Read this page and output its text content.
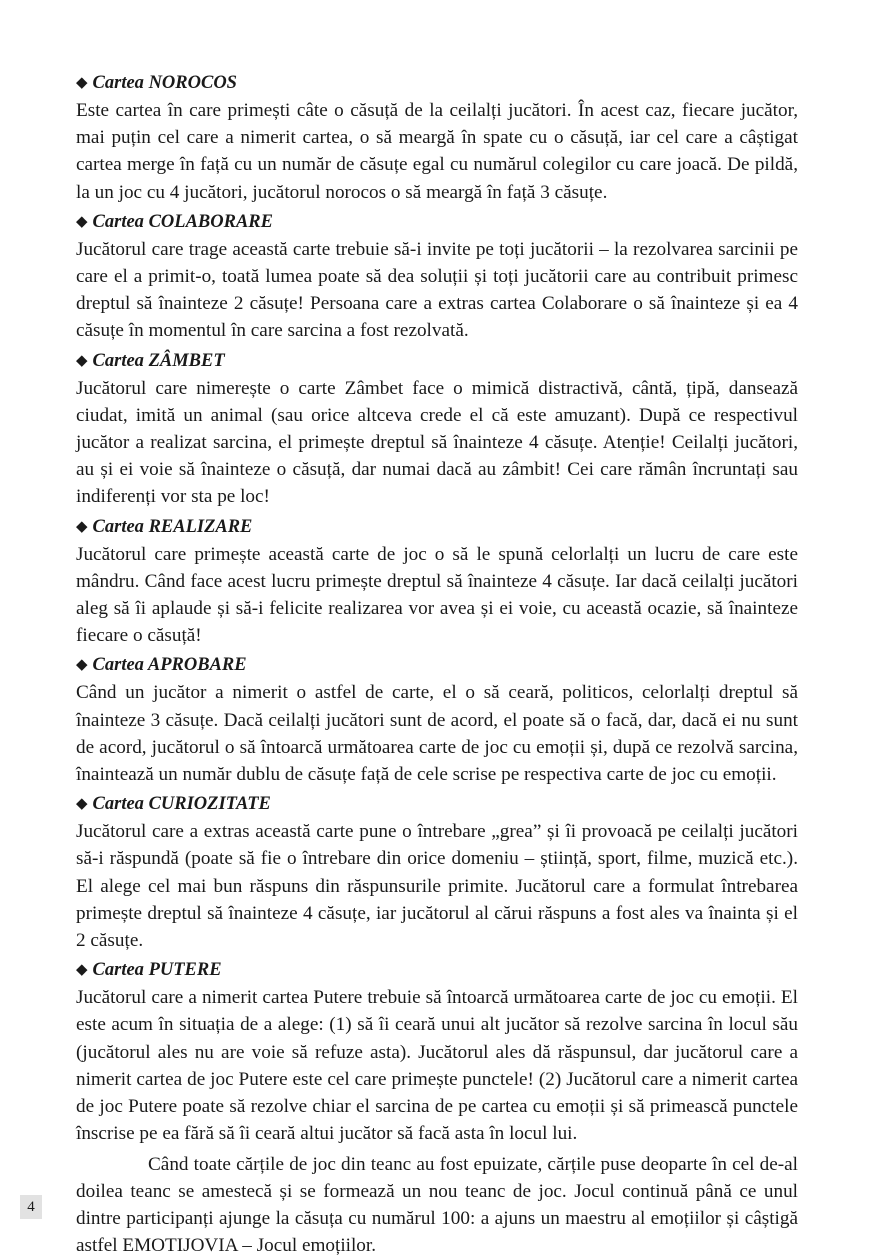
◆ Cartea NOROCOS

Este cartea în care primești câte o căsuță de la ceilalți jucători. În acest caz, fiecare jucător, mai puțin cel care a nimerit cartea, o să meargă în spate cu o căsuță, iar cel care a câștigat cartea merge în față cu un număr de căsuțe egal cu numărul colegilor cu care joacă. De pildă, la un joc cu 4 jucători, jucătorul norocos o să meargă în față 3 căsuțe.

◆ Cartea COLABORARE

Jucătorul care trage această carte trebuie să-i invite pe toți jucătorii – la rezolvarea sarcinii pe care el a primit-o, toată lumea poate să dea soluții și toți jucătorii care au contribuit primesc dreptul să înainteze 2 căsuțe! Persoana care a extras cartea Colaborare o să înainteze și ea 4 căsuțe în momentul în care sarcina a fost rezolvată.

◆ Cartea ZÂMBET

Jucătorul care nimerește o carte Zâmbet face o mimică distractivă, cântă, țipă, dansează ciudat, imită un animal (sau orice altceva crede el că este amuzant). După ce respectivul jucător a realizat sarcina, el primește dreptul să înainteze 4 căsuțe. Atenție! Ceilalți jucători, au și ei voie să înainteze o căsuță, dar numai dacă au zâmbit! Cei care rămân încruntați sau indiferenți vor sta pe loc!

◆ Cartea REALIZARE

Jucătorul care primește această carte de joc o să le spună celorlalți un lucru de care este mândru. Când face acest lucru primește dreptul să înainteze 4 căsuțe. Iar dacă ceilalți jucători aleg să îi aplaude și să-i felicite realizarea vor avea și ei voie, cu această ocazie, să înainteze fiecare o căsuță!

◆ Cartea APROBARE

Când un jucător a nimerit o astfel de carte, el o să ceară, politicos, celorlalți dreptul să înainteze 3 căsuțe. Dacă ceilalți jucători sunt de acord, el poate să o facă, dar, dacă ei nu sunt de acord, jucătorul o să întoarcă următoarea carte de joc cu emoții și, după ce rezolvă sarcina, înaintează un număr dublu de căsuțe față de cele scrise pe respectiva carte de joc cu emoții.

◆ Cartea CURIOZITATE

Jucătorul care a extras această carte pune o întrebare „grea” și îi provoacă pe ceilalți jucători să-i răspundă (poate să fie o întrebare din orice domeniu – știință, sport, filme, muzică etc.). El alege cel mai bun răspuns din răspunsurile primite. Jucătorul care a formulat întrebarea primește dreptul să înainteze 4 căsuțe, iar jucătorul al cărui răspuns a fost ales va înainta și el 2 căsuțe.

◆ Cartea PUTERE

Jucătorul care a nimerit cartea Putere trebuie să întoarcă următoarea carte de joc cu emoții. El este acum în situația de a alege: (1) să îi ceară unui alt jucător să rezolve sarcina în locul său (jucătorul ales nu are voie să refuze asta). Jucătorul ales dă răspunsul, dar jucătorul care a nimerit cartea de joc Putere este cel care primește punctele! (2) Jucătorul care a nimerit cartea de joc Putere poate să rezolve chiar el sarcina de pe cartea cu emoții și să primească punctele înscrise pe ea fără să îi ceară altui jucător să facă asta în locul lui.

Când toate cărțile de joc din teanc au fost epuizate, cărțile puse deoparte în cel de-al doilea teanc se amestecă și se formează un nou teanc de joc. Jocul continuă până ce unul dintre participanți ajunge la căsuța cu numărul 100: a ajuns un maestru al emoțiilor și câștigă astfel EMOTIJOVIA – Jocul emoțiilor.

4
